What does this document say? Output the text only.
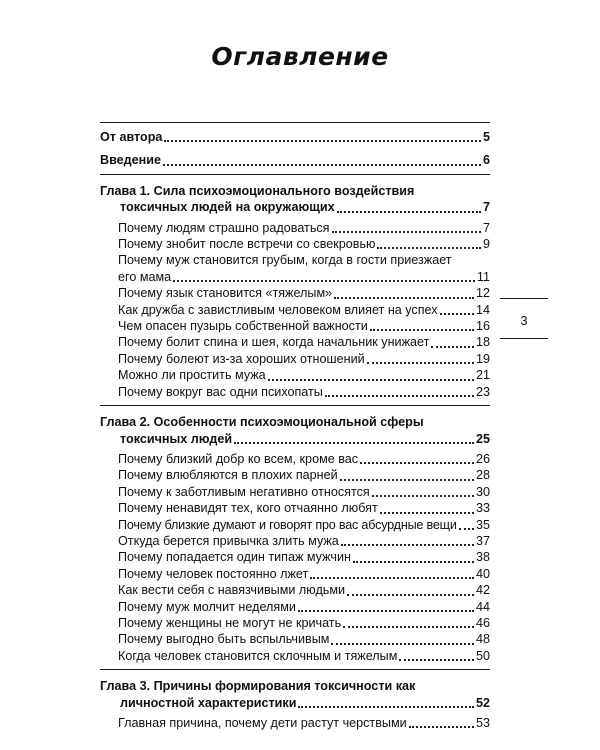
Оглавление
3
От автора	5
Введение	6
Глава 1. Сила психоэмоционального воздействия
токсичных людей на окружающих	7
Почему людям страшно радоваться	7
Почему знобит после встречи со свекровью	9
Почему муж становится грубым, когда в гости приезжает
его мама	11
Почему язык становится «тяжелым»	12
Как дружба с завистливым человеком влияет на успех	14
Чем опасен пузырь собственной важности	16
Почему болит спина и шея, когда начальник унижает	18
Почему болеют из-за хороших отношений	19
Можно ли простить мужа	21
Почему вокруг вас одни психопаты	23
Глава 2. Особенности психоэмоциональной сферы
токсичных людей	25
Почему близкий добр ко всем, кроме вас	26
Почему влюбляются в плохих парней	28
Почему к заботливым негативно относятся	30
Почему ненавидят тех, кого отчаянно любят	33
Почему близкие думают и говорят про вас абсурдные вещи 35
Откуда берется привычка злить мужа	37
Почему попадается один типаж мужчин	38
Почему человек постоянно лжет	40
Как вести себя с навязчивыми людьми	42
Почему муж молчит неделями	44
Почему женщины не могут не кричать	46
Почему выгодно быть вспыльчивым	48
Когда человек становится склочным и тяжелым	50
Глава 3. Причины формирования токсичности как
личностной характеристики	52
Главная причина, почему дети растут черствыми	53
